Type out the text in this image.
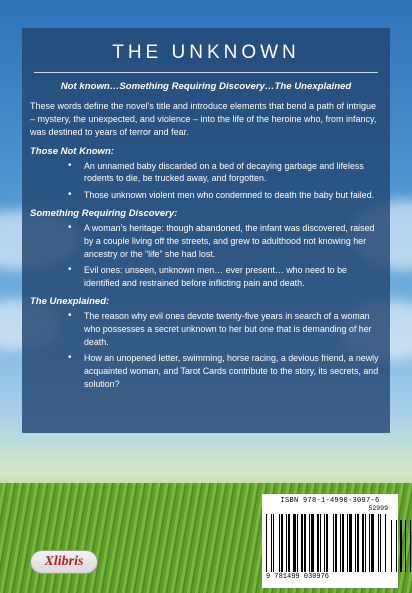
THE UNKNOWN
Not known…Something Requiring Discovery…The Unexplained
These words define the novel’s title and introduce elements that bend a path of intrigue – mystery, the unexpected, and violence – into the life of the heroine who, from infancy, was destined to years of terror and fear.
Those Not Known:
• An unnamed baby discarded on a bed of decaying garbage and lifeless rodents to die, be trucked away, and forgotten.
• Those unknown violent men who condemned to death the baby but failed.
Something Requiring Discovery:
• A woman’s heritage: though abandoned, the infant was discovered, raised by a couple living off the streets, and grew to adulthood not knowing her ancestry or the “life” she had lost.
• Evil ones: unseen, unknown men… ever present… who need to be identified and restrained before inflicting pain and death.
The Unexplained:
• The reason why evil ones devote twenty-five years in search of a woman who possesses a secret unknown to her but one that is demanding of her death.
• How an unopened letter, swimming, horse racing, a devious friend, a newly acquainted woman, and Tarot Cards contribute to the story, its secrets, and solution?
Xlibris
ISBN 978-1-4990-3097-6
52999
9 781499 030976
